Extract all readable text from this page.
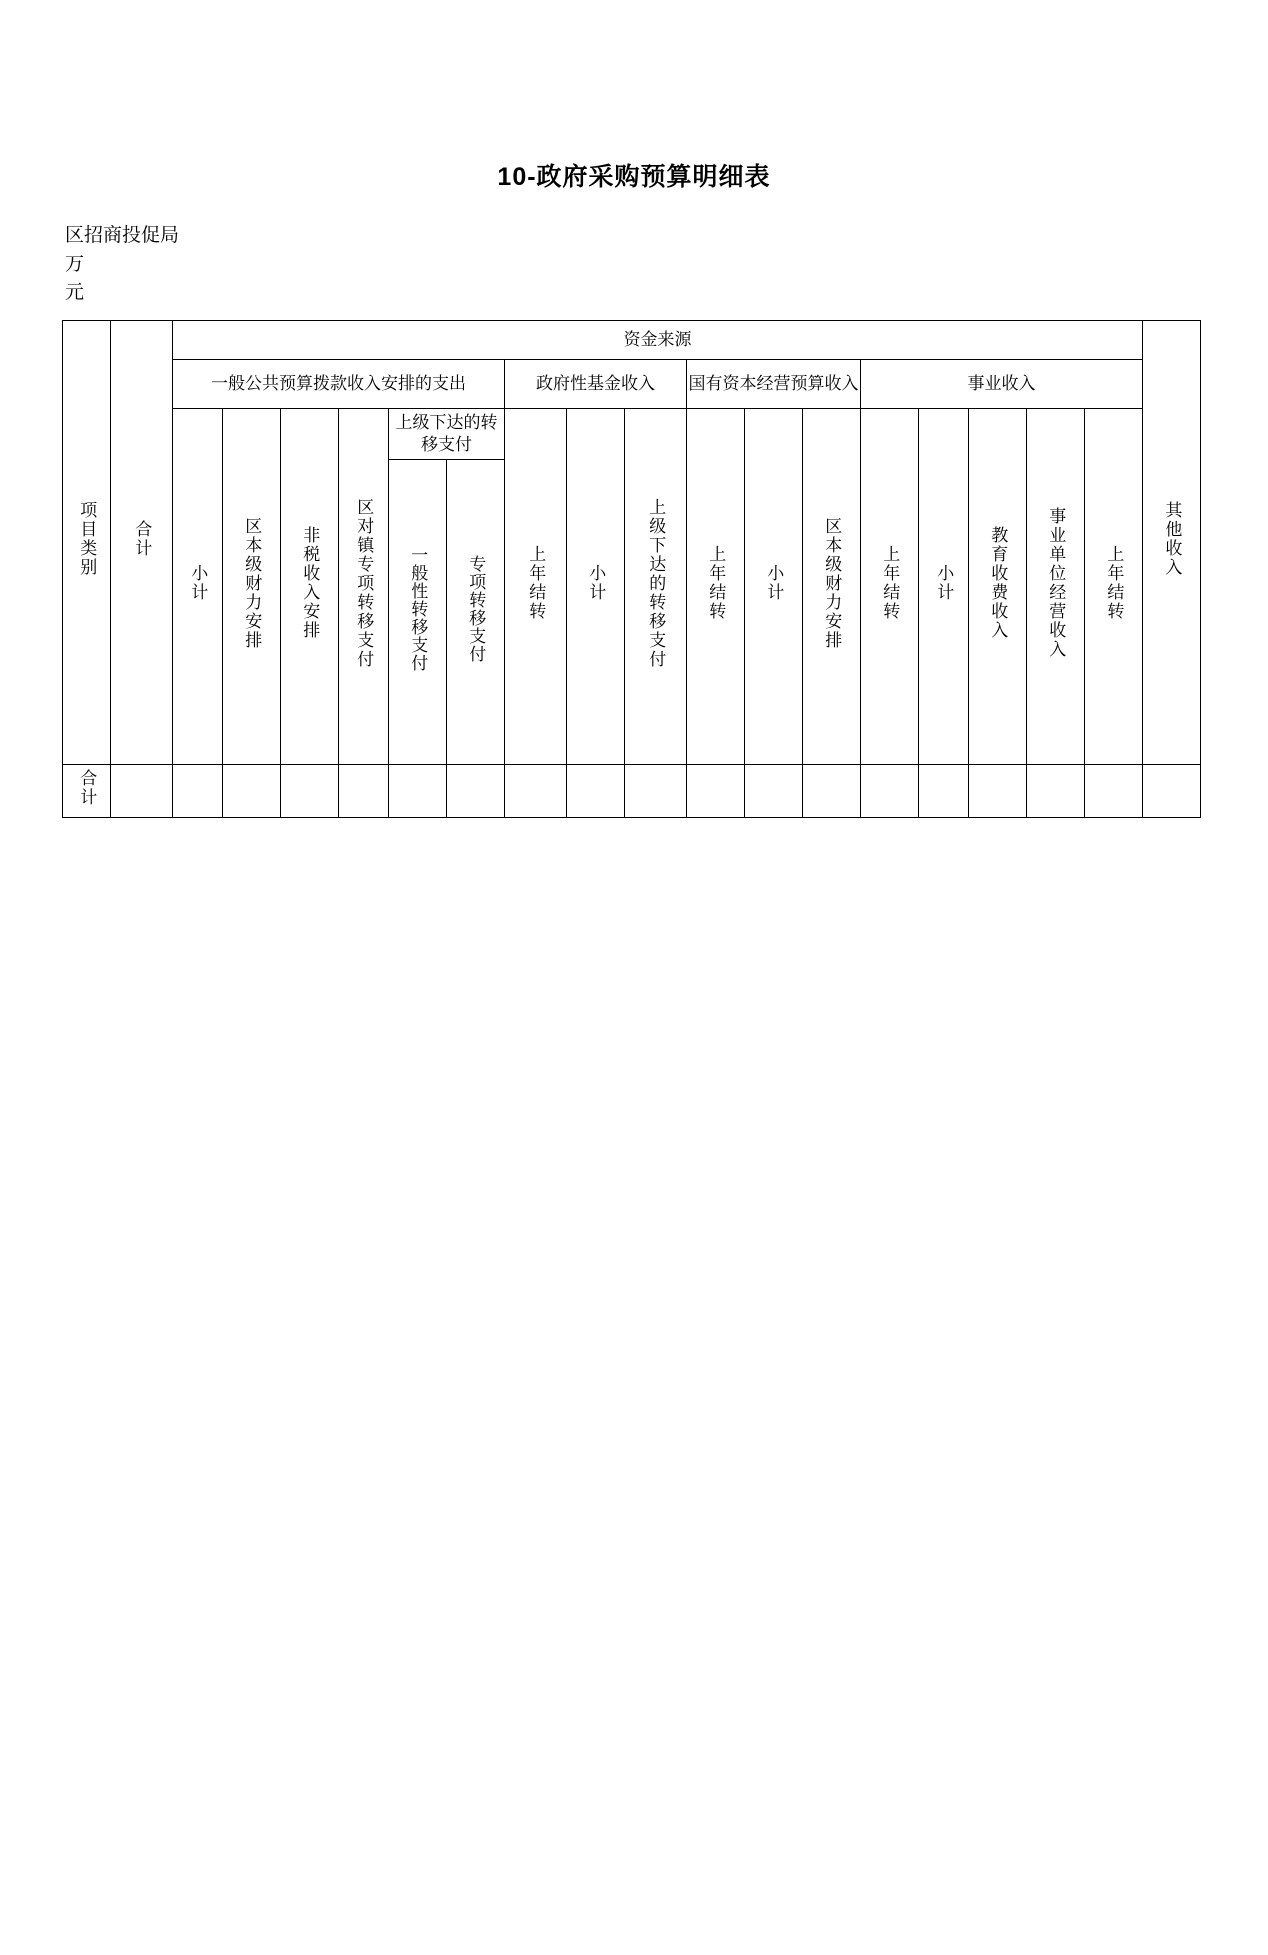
10-政府采购预算明细表
区招商投促局
万
元
项目类别	合计	资金来源																	其他收入
		一般公共预算拨款收入安排的支出						政府性基金收入			国有资本经营预算收入			事业收入					
		小计	区本级财力安排	非税收入安排	区对镇专项转移支付	上级下达的转移支付		上年结转	小计	上级下达的转移支付	上年结转	小计	区本级财力安排	上年结转	小计	教育收费收入	事业单位经营收入	上年结转	
						一般性转移支付	专项转移支付												
合计																			
